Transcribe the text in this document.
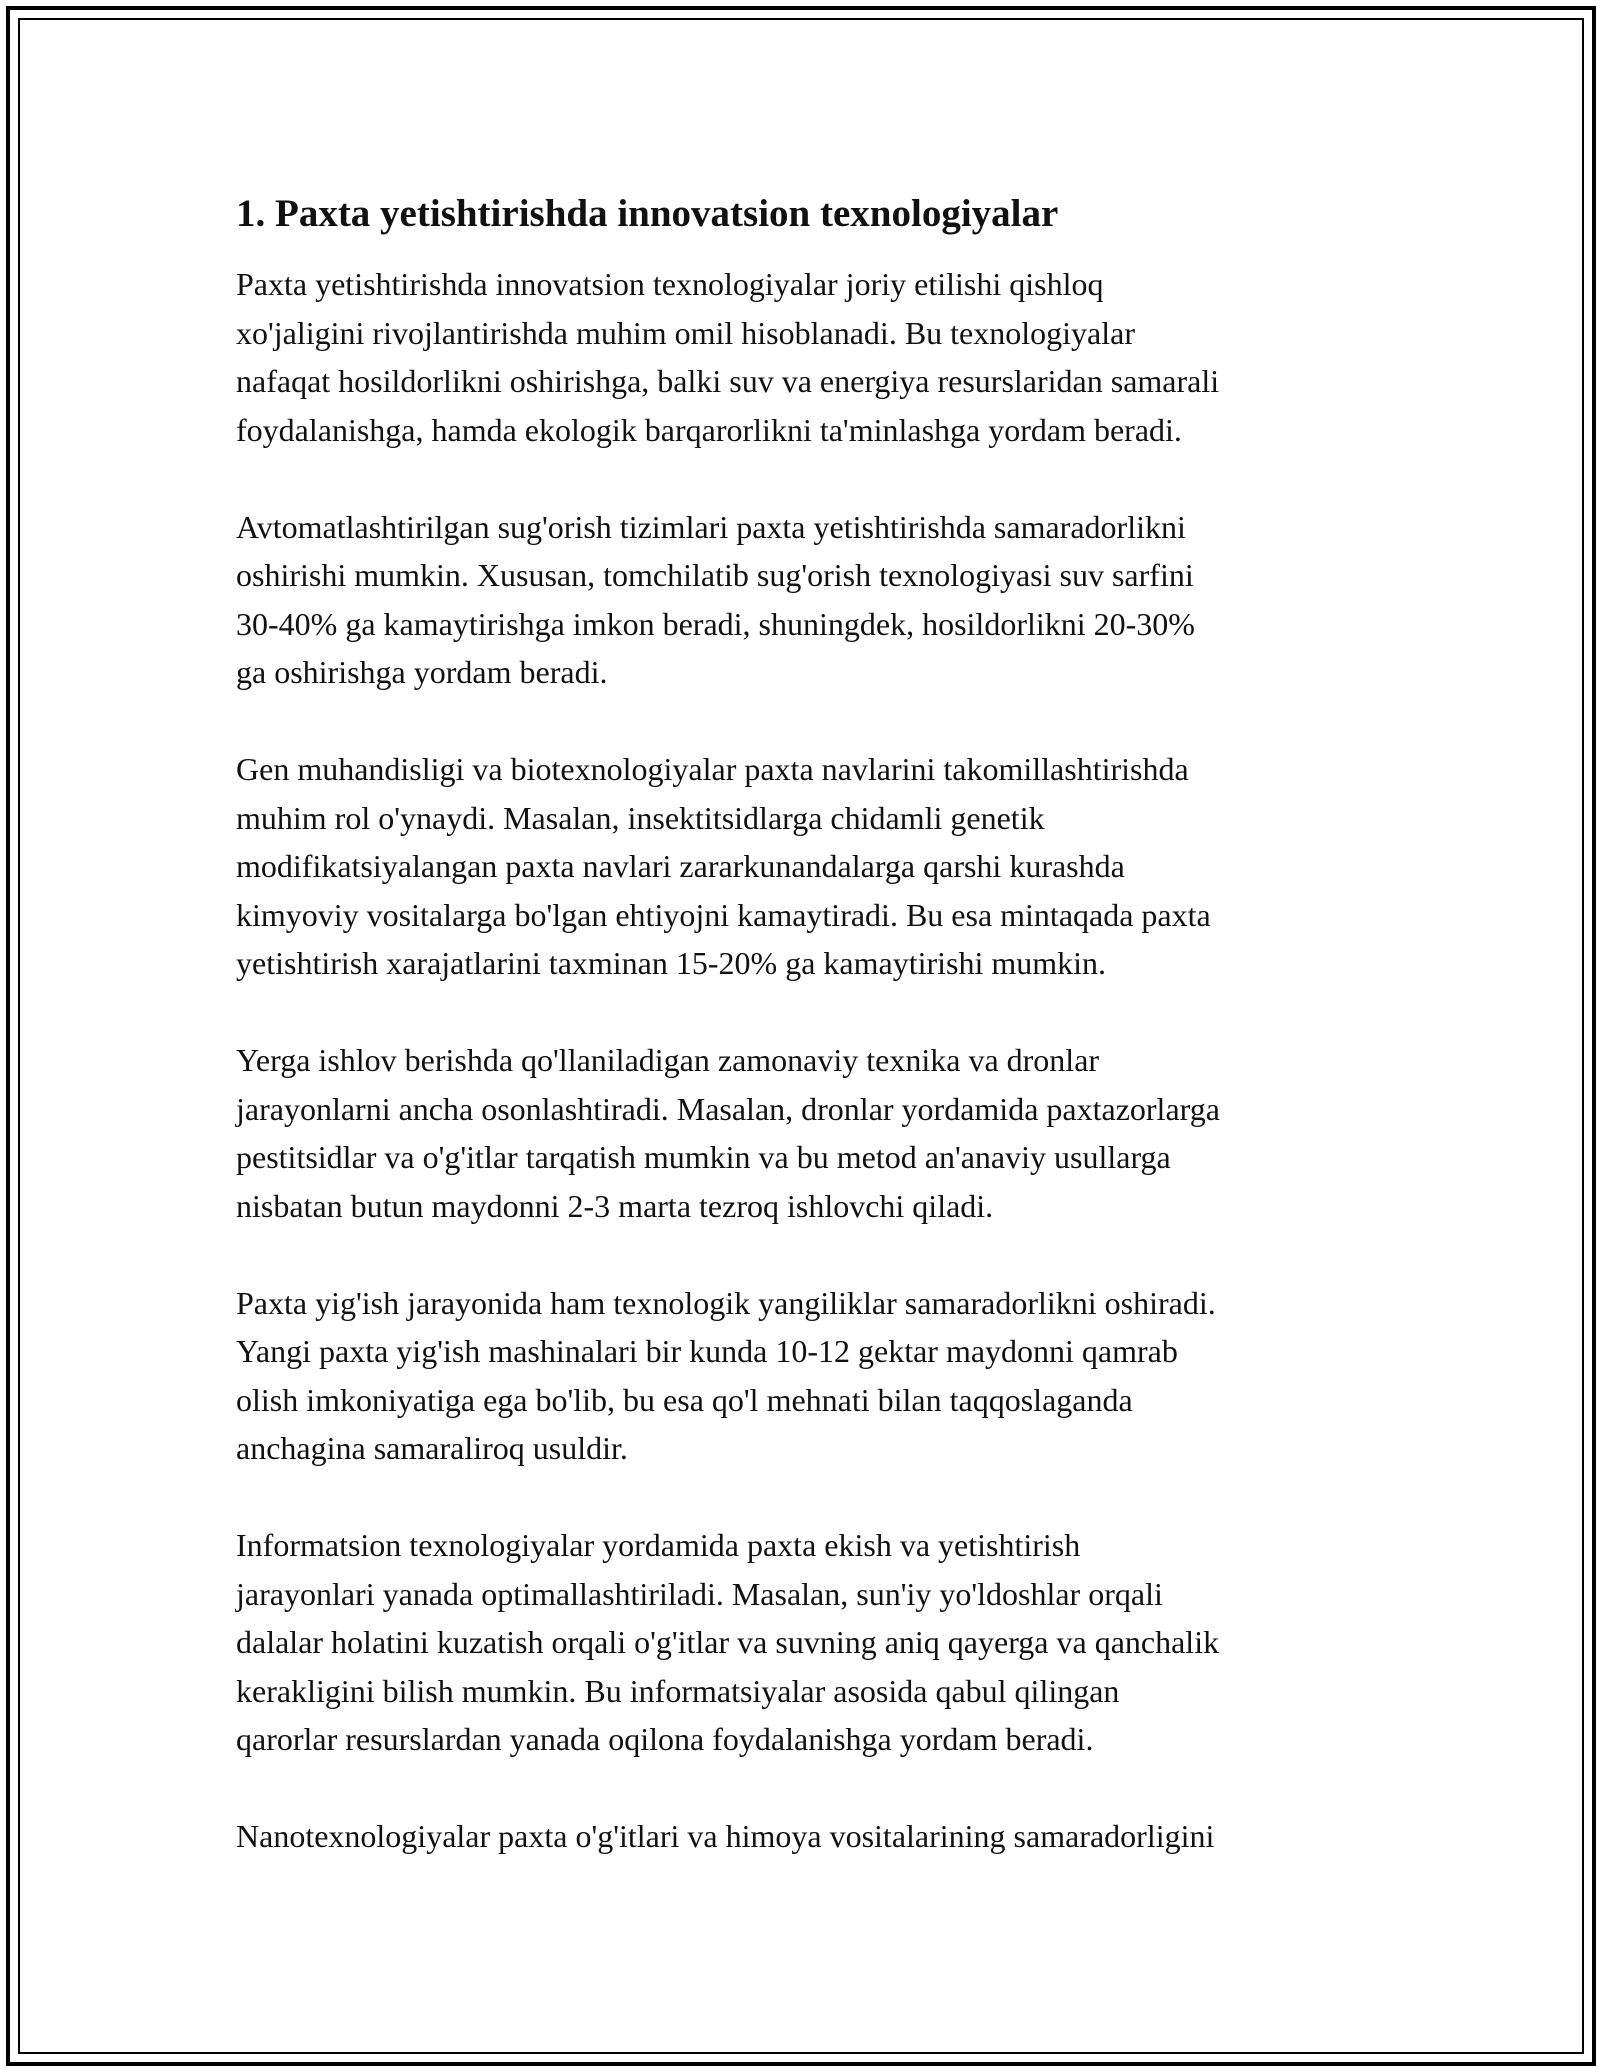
1. Paxta yetishtirishda innovatsion texnologiyalar

Paxta yetishtirishda innovatsion texnologiyalar joriy etilishi qishloq
xo'jaligini rivojlantirishda muhim omil hisoblanadi. Bu texnologiyalar
nafaqat hosildorlikni oshirishga, balki suv va energiya resurslaridan samarali
foydalanishga, hamda ekologik barqarorlikni ta'minlashga yordam beradi.

Avtomatlashtirilgan sug'orish tizimlari paxta yetishtirishda samaradorlikni
oshirishi mumkin. Xususan, tomchilatib sug'orish texnologiyasi suv sarfini
30-40% ga kamaytirishga imkon beradi, shuningdek, hosildorlikni 20-30%
ga oshirishga yordam beradi.

Gen muhandisligi va biotexnologiyalar paxta navlarini takomillashtirishda
muhim rol o'ynaydi. Masalan, insektitsidlarga chidamli genetik
modifikatsiyalangan paxta navlari zararkunandalarga qarshi kurashda
kimyoviy vositalarga bo'lgan ehtiyojni kamaytiradi. Bu esa mintaqada paxta
yetishtirish xarajatlarini taxminan 15-20% ga kamaytirishi mumkin.

Yerga ishlov berishda qo'llaniladigan zamonaviy texnika va dronlar
jarayonlarni ancha osonlashtiradi. Masalan, dronlar yordamida paxtazorlarga
pestitsidlar va o'g'itlar tarqatish mumkin va bu metod an'anaviy usullarga
nisbatan butun maydonni 2-3 marta tezroq ishlovchi qiladi.

Paxta yig'ish jarayonida ham texnologik yangiliklar samaradorlikni oshiradi.
Yangi paxta yig'ish mashinalari bir kunda 10-12 gektar maydonni qamrab
olish imkoniyatiga ega bo'lib, bu esa qo'l mehnati bilan taqqoslaganda
anchagina samaraliroq usuldir.

Informatsion texnologiyalar yordamida paxta ekish va yetishtirish
jarayonlari yanada optimallashtiriladi. Masalan, sun'iy yo'ldoshlar orqali
dalalar holatini kuzatish orqali o'g'itlar va suvning aniq qayerga va qanchalik
kerakligini bilish mumkin. Bu informatsiyalar asosida qabul qilingan
qarorlar resurslardan yanada oqilona foydalanishga yordam beradi.

Nanotexnologiyalar paxta o'g'itlari va himoya vositalarining samaradorligini
